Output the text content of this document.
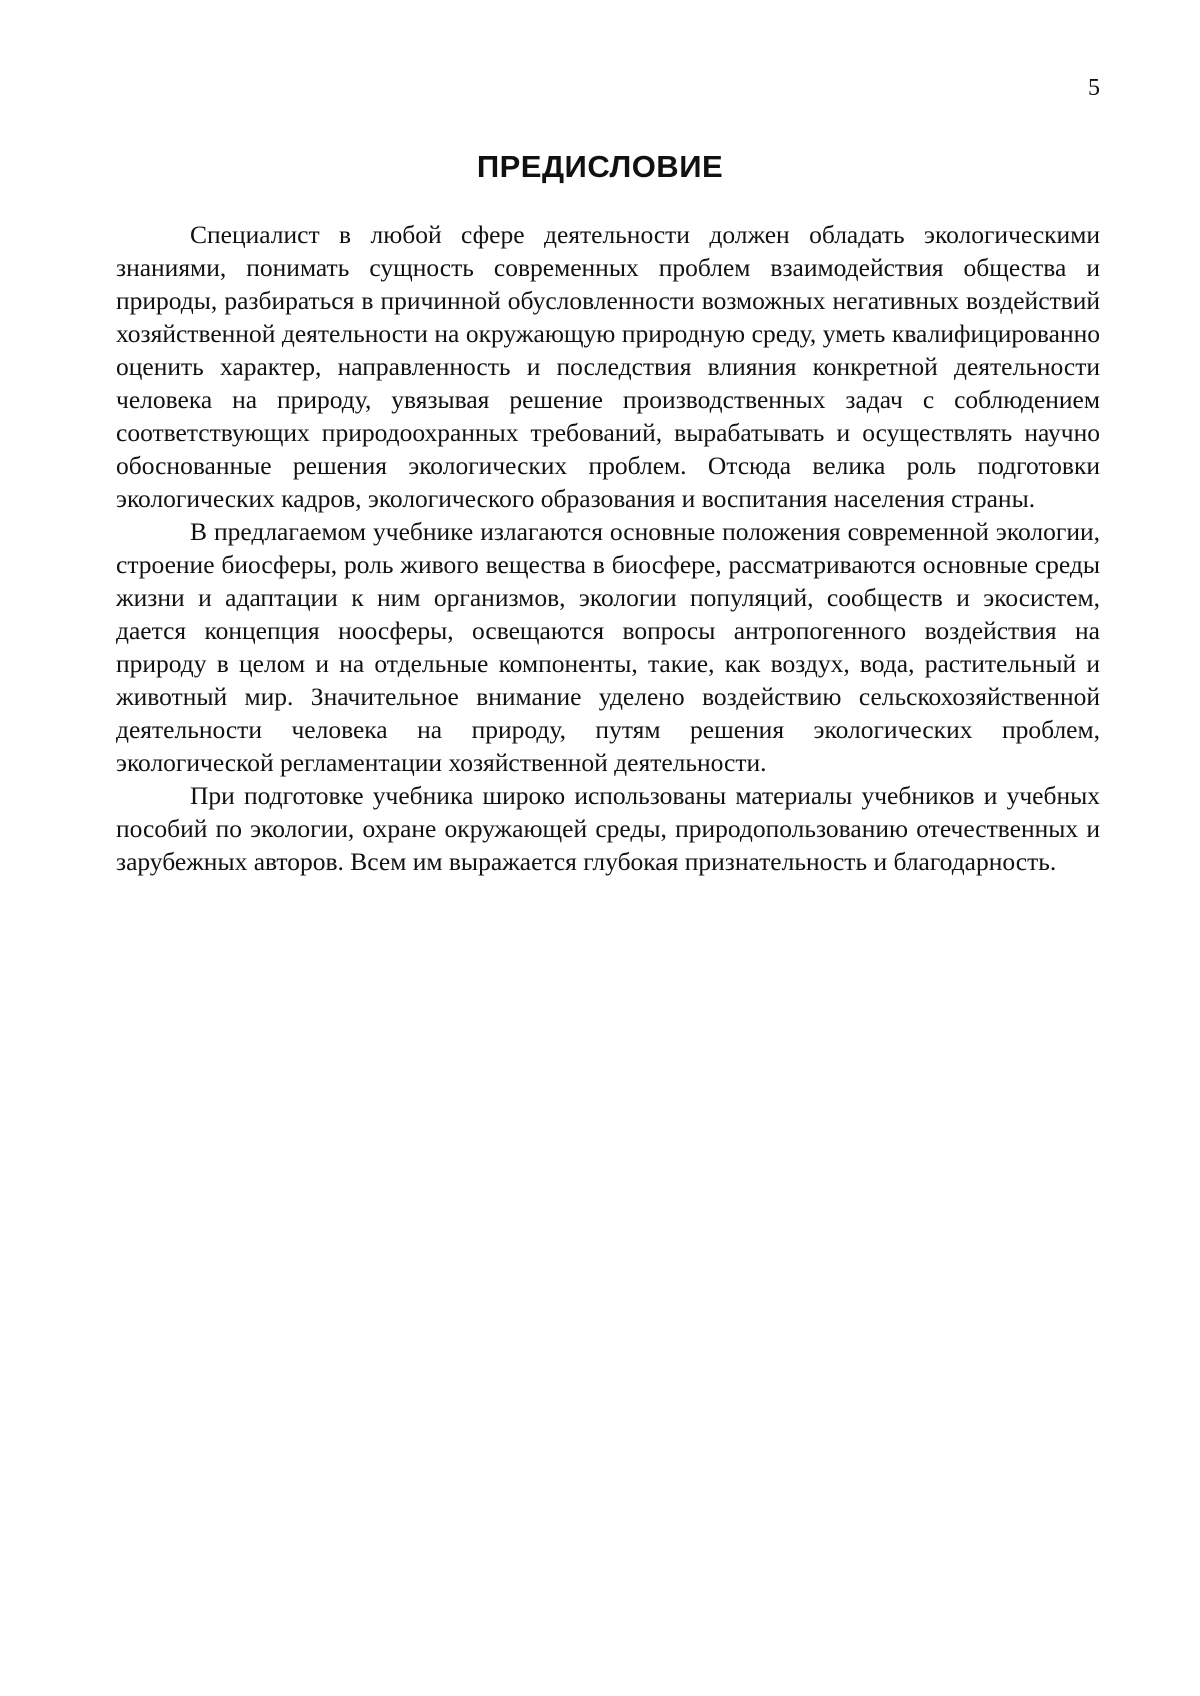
5
ПРЕДИСЛОВИЕ

Специалист в любой сфере деятельности должен обладать экологическими знаниями, понимать сущность современных проблем взаимодействия общества и природы, разбираться в причинной обусловленности возможных негативных воздействий хозяйственной деятельности на окружающую природную среду, уметь квалифицированно оценить характер, направленность и последствия влияния конкретной деятельности человека на природу, увязывая решение производственных задач с соблюдением соответствующих природоохранных требований, вырабатывать и осуществлять научно обоснованные решения экологических проблем. Отсюда велика роль подготовки экологических кадров, экологического образования и воспитания населения страны.

В предлагаемом учебнике излагаются основные положения современной экологии, строение биосферы, роль живого вещества в биосфере, рассматриваются основные среды жизни и адаптации к ним организмов, экологии популяций, сообществ и экосистем, дается концепция ноосферы, освещаются вопросы антропогенного воздействия на природу в целом и на отдельные компоненты, такие, как воздух, вода, растительный и животный мир. Значительное внимание уделено воздействию сельскохозяйственной деятельности человека на природу, путям решения экологических проблем, экологической регламентации хозяйственной деятельности.

При подготовке учебника широко использованы материалы учебников и учебных пособий по экологии, охране окружающей среды, природопользованию отечественных и зарубежных авторов. Всем им выражается глубокая признательность и благодарность.
